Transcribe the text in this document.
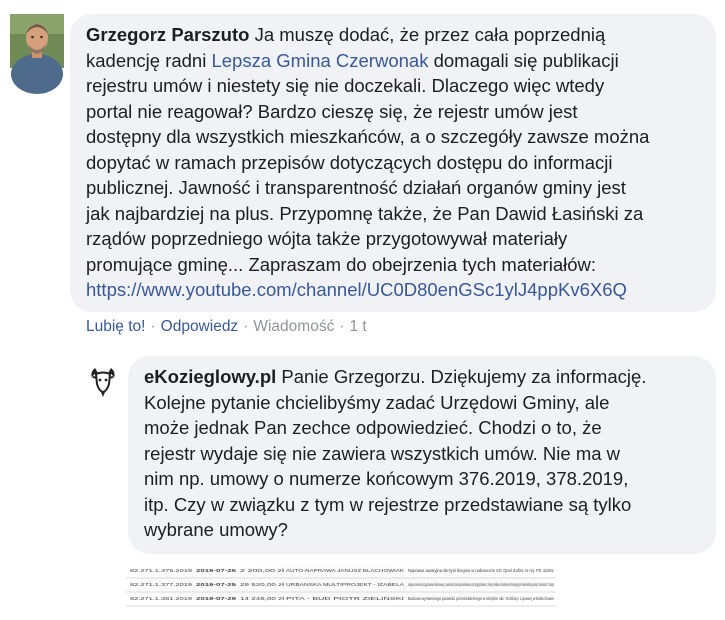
Grzegorz Parszuto Ja muszę dodać, że przez cała poprzednią
kadencję radni Lepsza Gmina Czerwonak domagali się publikacji
rejestru umów i niestety się nie doczekali. Dlaczego więc wtedy
portal nie reagował? Bardzo cieszę się, że rejestr umów jest
dostępny dla wszystkich mieszkańców, a o szczegóły zawsze można
dopytać w ramach przepisów dotyczących dostępu do informacji
publicznej. Jawność i transparentność działań organów gminy jest
jak najbardziej na plus. Przypomnę także, że Pan Dawid Łasiński za
rządów poprzedniego wójta także przygotowywał materiały
promujące gminę... Zapraszam do obejrzenia tych materiałów:
https://www.youtube.com/channel/UC0D80enGSc1ylJ4ppKv6X6Q
Lubię to! · Odpowiedz · Wiadomość · 1 t
eKozieglowy.pl Panie Grzegorzu. Dziękujemy za informację.
Kolejne pytanie chcielibyśmy zadać Urzędowi Gminy, ale
może jednak Pan zechce odpowiedzieć. Chodzi o to, że
rejestr wydaje się nie zawiera wszystkich umów. Nie ma w
nim np. umowy o numerze końcowym 376.2019, 378.2019,
itp. Czy w związku z tym w rejestrze przedstawiane są tylko
wybrane umowy?
82.271.1.375.2019 2019-07-25 2 200,00 zł AUTO-NAPRAWA JANUSZ BLACHOWIAK Naprawa awaryjna skrzyni biegów w radiowozie SG Opel Zafira nr rej. PZ 42281
82.271.1.377.2019 2019-07-25 29 520,00 zł URBANSKA MULTIPROJEKT - IZABELA usługa w zakresie przygotowania reklamowego, zawartości promocji reklamowej oraz przygotowanie 1 strony reklamy w biuletynie informacyjnym mieszkańców gminy Czerwonak "Z wizytą
82.271.1.381.2019 2019-07-29 14 246,00 zł PITA - BUD PIOTR ZIELIŃSKI	Budowa wymiennego parasolu przeciwbieżnego w obrębie ulic: Krótkiej i Lipowej w Bolechowie
